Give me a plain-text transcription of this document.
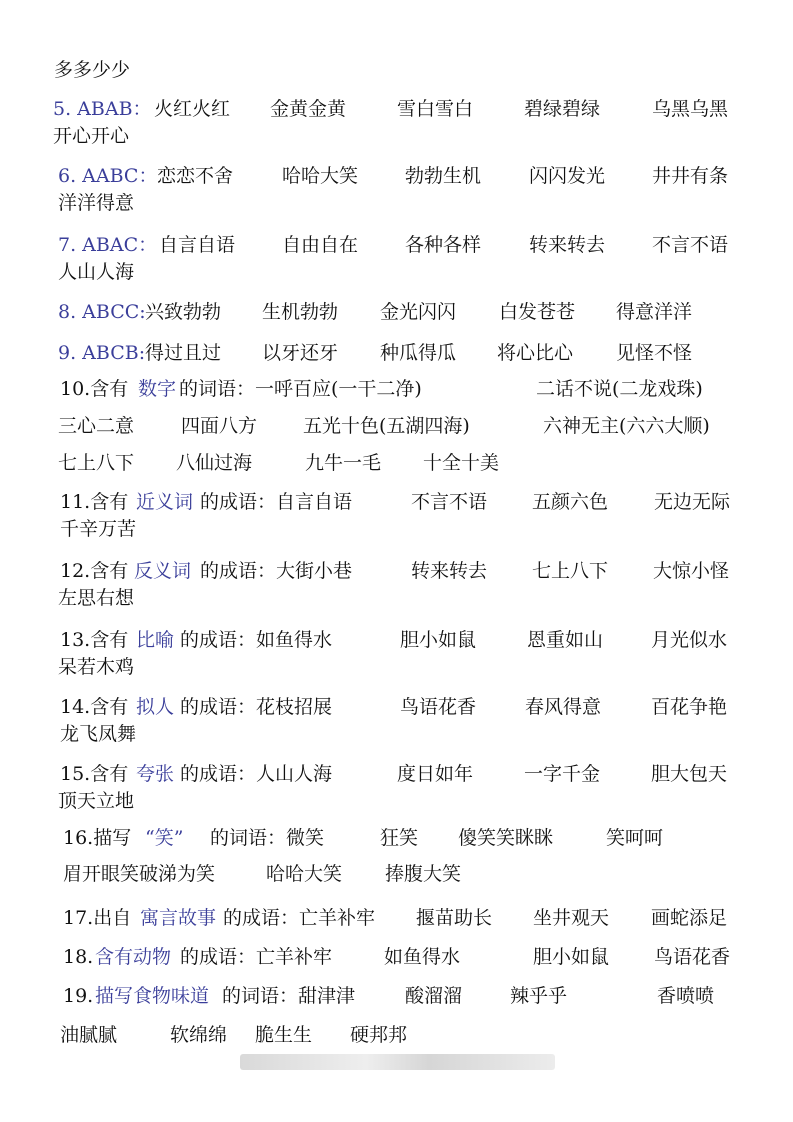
多多少少
5. ABAB： 火红火红 金黄金黄	雪白雪白	碧绿碧绿	乌黑乌黑
开心开心
6. AABC： 恋恋不舍	哈哈大笑 勃勃生机	闪闪发光 井井有条
洋洋得意
7. ABAC： 自言自语 自由自在 各种各样	转来转去 不言不语
人山人海
8. ABCC: 兴致勃勃 生机勃勃 金光闪闪 白发苍苍 得意洋洋
9. ABCB: 得过且过 以牙还牙 种瓜得瓜 将心比心 见怪不怪
10.含有 数字 的词语：一呼百应(一干二净)	二话不说(二龙戏珠)
三心二意 四面八方 五光十色(五湖四海)	六神无主(六六大顺)
七上八下 八仙过海	九牛一毛 十全十美
11.含有 近义词 的成语：自言自语	不言不语 五颜六色 无边无际
千辛万苦
12.含有 反义词 的成语：大街小巷	转来转去 七上八下 大惊小怪
左思右想
13.含有 比喻 的成语：如鱼得水	胆小如鼠	恩重如山	月光似水
呆若木鸡
14.含有 拟人 的成语：花枝招展	鸟语花香	春风得意	百花争艳
龙飞凤舞
15.含有 夸张 的成语：人山人海	度日如年	一字千金	胆大包天
顶天立地
16.描写 “笑” 的词语：微笑	狂笑 傻笑笑眯眯	笑呵呵
眉开眼笑破涕为笑	哈哈大笑 捧腹大笑
17.出自 寓言故事 的成语：亡羊补牢 揠苗助长 坐井观天 画蛇添足
18. 含有动物 的成语：亡羊补牢	如鱼得水	胆小如鼠 鸟语花香
19. 描写食物味道 的词语：甜津津	酸溜溜	辣乎乎	香喷喷
油腻腻	软绵绵 脆生生 硬邦邦
